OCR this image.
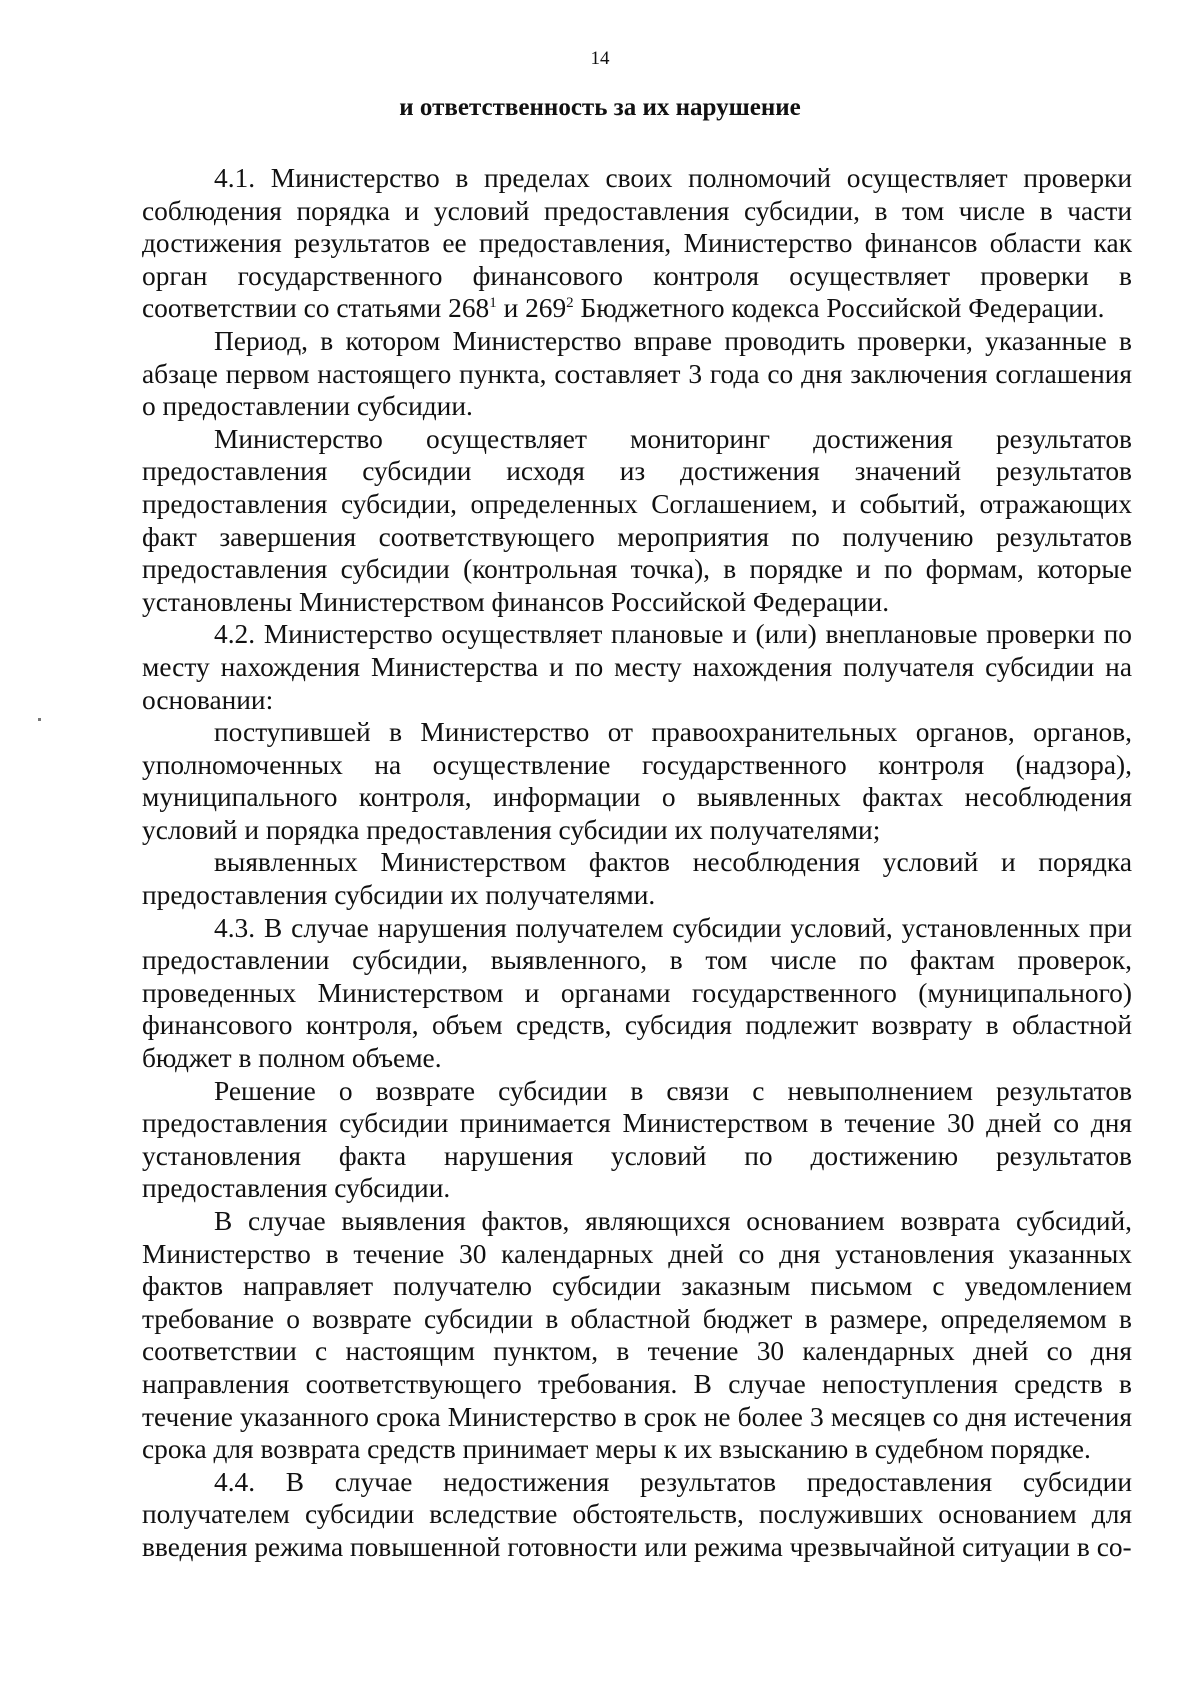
14
и ответственность за их нарушение

4.1. Министерство в пределах своих полномочий осуществляет проверки соблюдения порядка и условий предоставления субсидии, в том числе в части достижения результатов ее предоставления, Министерство финансов области как орган государственного финансового контроля осуществляет проверки в соответствии со статьями $268^1$ и $269^2$ Бюджетного кодекса Российской Федерации.

Период, в котором Министерство вправе проводить проверки, указанные в абзаце первом настоящего пункта, составляет 3 года со дня заключения соглашения о предоставлении субсидии.

Министерство осуществляет мониторинг достижения результатов предоставления субсидии исходя из достижения значений результатов предоставления субсидии, определенных Соглашением, и событий, отражающих факт завершения соответствующего мероприятия по получению результатов предоставления субсидии (контрольная точка), в порядке и по формам, которые установлены Министерством финансов Российской Федерации.

4.2. Министерство осуществляет плановые и (или) внеплановые проверки по месту нахождения Министерства и по месту нахождения получателя субсидии на основании:

поступившей в Министерство от правоохранительных органов, органов, уполномоченных на осуществление государственного контроля (надзора), муниципального контроля, информации о выявленных фактах несоблюдения условий и порядка предоставления субсидии их получателями;

выявленных Министерством фактов несоблюдения условий и порядка предоставления субсидии их получателями.

4.3. В случае нарушения получателем субсидии условий, установленных при предоставлении субсидии, выявленного, в том числе по фактам проверок, проведенных Министерством и органами государственного (муниципального) финансового контроля, объем средств, субсидия подлежит возврату в областной бюджет в полном объеме.

Решение о возврате субсидии в связи с невыполнением результатов предоставления субсидии принимается Министерством в течение 30 дней со дня установления факта нарушения условий по достижению результатов предоставления субсидии.

В случае выявления фактов, являющихся основанием возврата субсидий, Министерство в течение 30 календарных дней со дня установления указанных фактов направляет получателю субсидии заказным письмом с уведомлением требование о возврате субсидии в областной бюджет в размере, определяемом в соответствии с настоящим пунктом, в течение 30 календарных дней со дня направления соответствующего требования. В случае непоступления средств в течение указанного срока Министерство в срок не более 3 месяцев со дня истечения срока для возврата средств принимает меры к их взысканию в судебном порядке.

4.4. В случае недостижения результатов предоставления субсидии получателем субсидии вследствие обстоятельств, послуживших основанием для введения режима повышенной готовности или режима чрезвычайной ситуации в со-
